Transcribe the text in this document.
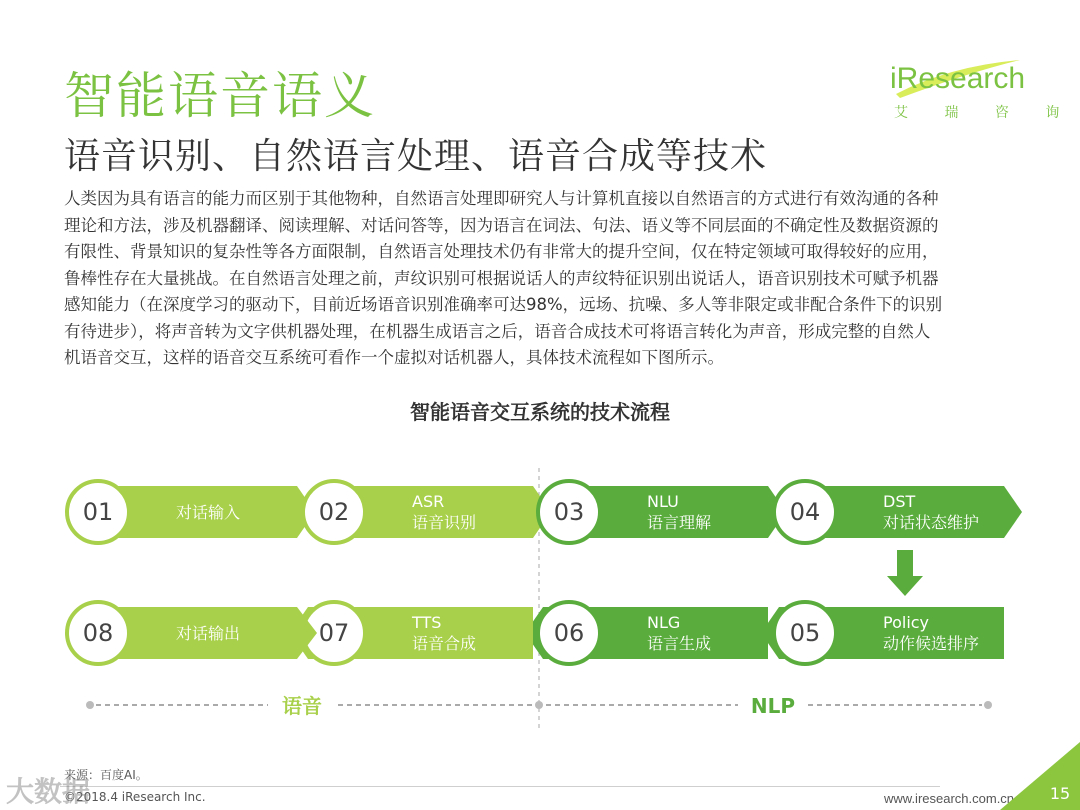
智能语音语义
语音识别、自然语言处理、语音合成等技术
iResearch
艾 瑞 咨 询
人类因为具有语言的能力而区别于其他物种，自然语言处理即研究人与计算机直接以自然语言的方式进行有效沟通的各种
理论和方法，涉及机器翻译、阅读理解、对话问答等，因为语言在词法、句法、语义等不同层面的不确定性及数据资源的
有限性、背景知识的复杂性等各方面限制，自然语言处理技术仍有非常大的提升空间，仅在特定领域可取得较好的应用，
鲁棒性存在大量挑战。在自然语言处理之前，声纹识别可根据说话人的声纹特征识别出说话人，语音识别技术可赋予机器
感知能力（在深度学习的驱动下，目前近场语音识别准确率可达98%，远场、抗噪、多人等非限定或非配合条件下的识别
有待进步），将声音转为文字供机器处理，在机器生成语言之后，语音合成技术可将语言转化为声音，形成完整的自然人
机语音交互，这样的语音交互系统可看作一个虚拟对话机器人，具体技术流程如下图所示。
智能语音交互系统的技术流程
01	对话输入	02	ASR
语音识别	03	NLU
语言理解	04	DST
对话状态维护
05	Policy
动作候选排序
06	NLG
语言生成
07	TTS
语音合成
08	对话输出
语音	NLP
来源：百度AI。
©2018.4 iResearch Inc.	www.iresearch.com.cn	15
大数据
